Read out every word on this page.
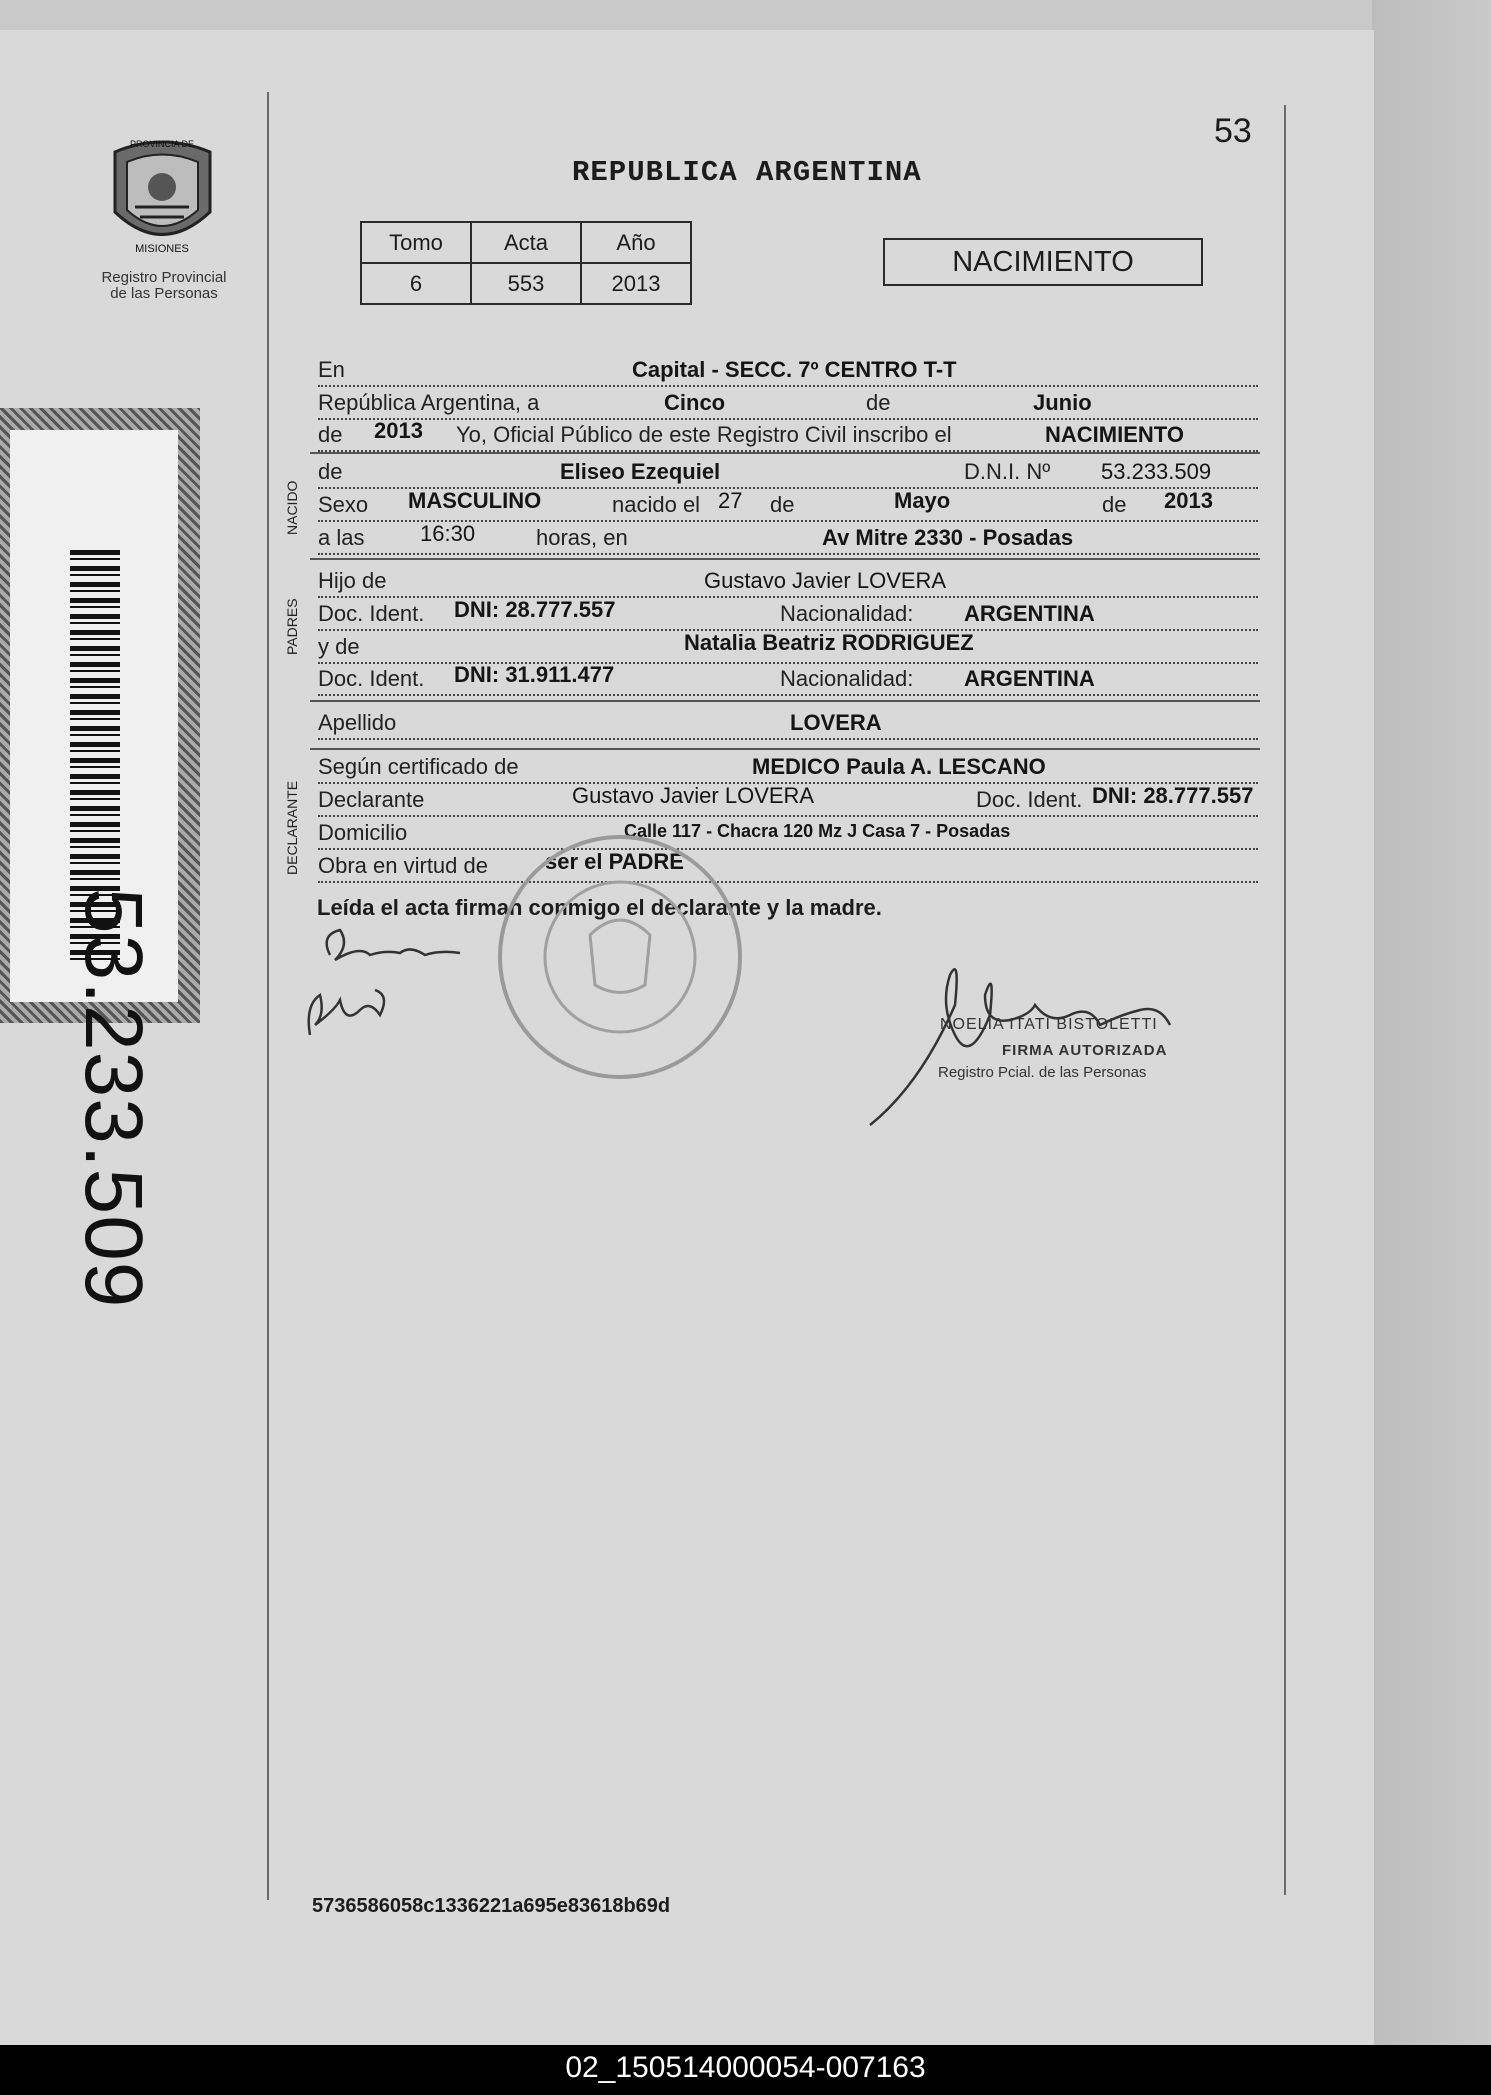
PROVINCIA DE
MISIONES
Registro Provincial
de las Personas
53.233.509
53
REPUBLICA ARGENTINA
Tomo	Acta	Año
6	553	2013
NACIMIENTO
En	Capital - SECC. 7º CENTRO T-T
República Argentina, a	Cinco	de	Junio
de 2013 Yo, Oficial Público de este Registro Civil inscribo el	NACIMIENTO
NACIDO
de	Eliseo Ezequiel	D.N.I. Nº 53.233.509
Sexo MASCULINO	nacido el 27 de	Mayo	de 2013
a las	16:30	horas, en	Av Mitre 2330 - Posadas
PADRES
Hijo de	Gustavo Javier LOVERA
Doc. Ident. DNI: 28.777.557	Nacionalidad: ARGENTINA
y de	Natalia Beatriz RODRIGUEZ
Doc. Ident. DNI: 31.911.477	Nacionalidad: ARGENTINA
Apellido	LOVERA
DECLARANTE
Según certificado de	MEDICO Paula A. LESCANO
Declarante	Gustavo Javier LOVERA	Doc. Ident. DNI: 28.777.557
Domicilio	Calle 117 - Chacra 120 Mz J Casa 7 - Posadas
Obra en virtud de	ser el PADRE
Leída el acta firman conmigo el declarante y la madre.
NOELIA ITATI BISTOLETTI
FIRMA AUTORIZADA
Registro Pcial. de las Personas
5736586058c1336221a695e83618b69d
02_150514000054-007163
